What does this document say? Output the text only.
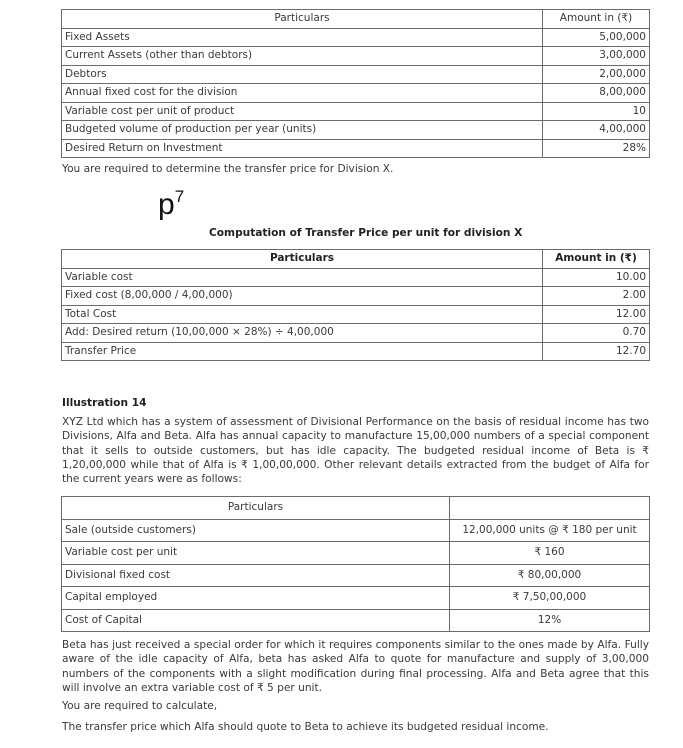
Particulars	Amount in (₹)
Fixed Assets	5,00,000
Current Assets (other than debtors)	3,00,000
Debtors	2,00,000
Annual fixed cost for the division	8,00,000
Variable cost per unit of product	10
Budgeted volume of production per year (units)	4,00,000
Desired Return on Investment	28%
You are required to determine the transfer price for Division X.
$p^7$
Computation of Transfer Price per unit for division X
Particulars	Amount in (₹)
Variable cost	10.00
Fixed cost (8,00,000 / 4,00,000)	2.00
Total Cost	12.00
Add: Desired return (10,00,000 × 28%) ÷ 4,00,000	0.70
Transfer Price	12.70
Illustration 14
XYZ Ltd which has a system of assessment of Divisional Performance on the basis of residual income has two Divisions, Alfa and Beta. Alfa has annual capacity to manufacture 15,00,000 numbers of a special component that it sells to outside customers, but has idle capacity. The budgeted residual income of Beta is ₹ 1,20,00,000 while that of Alfa is ₹ 1,00,00,000. Other relevant details extracted from the budget of Alfa for the current years were as follows:
Particulars	
Sale (outside customers)	12,00,000 units @ ₹ 180 per unit
Variable cost per unit	₹ 160
Divisional fixed cost	₹ 80,00,000
Capital employed	₹ 7,50,00,000
Cost of Capital	12%
Beta has just received a special order for which it requires components similar to the ones made by Alfa. Fully aware of the idle capacity of Alfa, beta has asked Alfa to quote for manufacture and supply of 3,00,000 numbers of the components with a slight modification during final processing. Alfa and Beta agree that this will involve an extra variable cost of ₹ 5 per unit.
You are required to calculate,
The transfer price which Alfa should quote to Beta to achieve its budgeted residual income.
